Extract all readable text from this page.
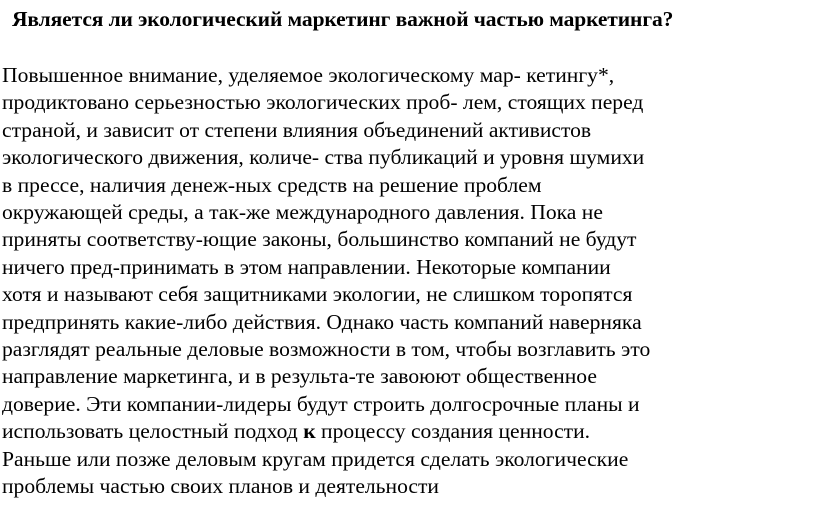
Является ли экологический маркетинг важной частью маркетинга?
Повышенное внимание, уделяемое экологическому мар- кетингу*,
продиктовано серьезностью экологических проб- лем, стоящих перед
страной, и зависит от степени влияния объединений активистов
экологического движения, количе- ства публикаций и уровня шумихи
в прессе, наличия денеж-ных средств на решение проблем
окружающей среды, а так-же международного давления. Пока не
приняты соответству-ющие законы, большинство компаний не будут
ничего пред-принимать в этом направлении. Некоторые компании
хотя и называют себя защитниками экологии, не слишком торопятся
предпринять какие-либо действия. Однако часть компаний наверняка
разглядят реальные деловые возможности в том, чтобы возглавить это
направление маркетинга, и в результа-те завоюют общественное
доверие. Эти компании-лидеры будут строить долгосрочные планы и
использовать целостный подход к процессу создания ценности.
Раньше или позже деловым кругам придется сделать экологические
проблемы частью своих планов и деятельности
